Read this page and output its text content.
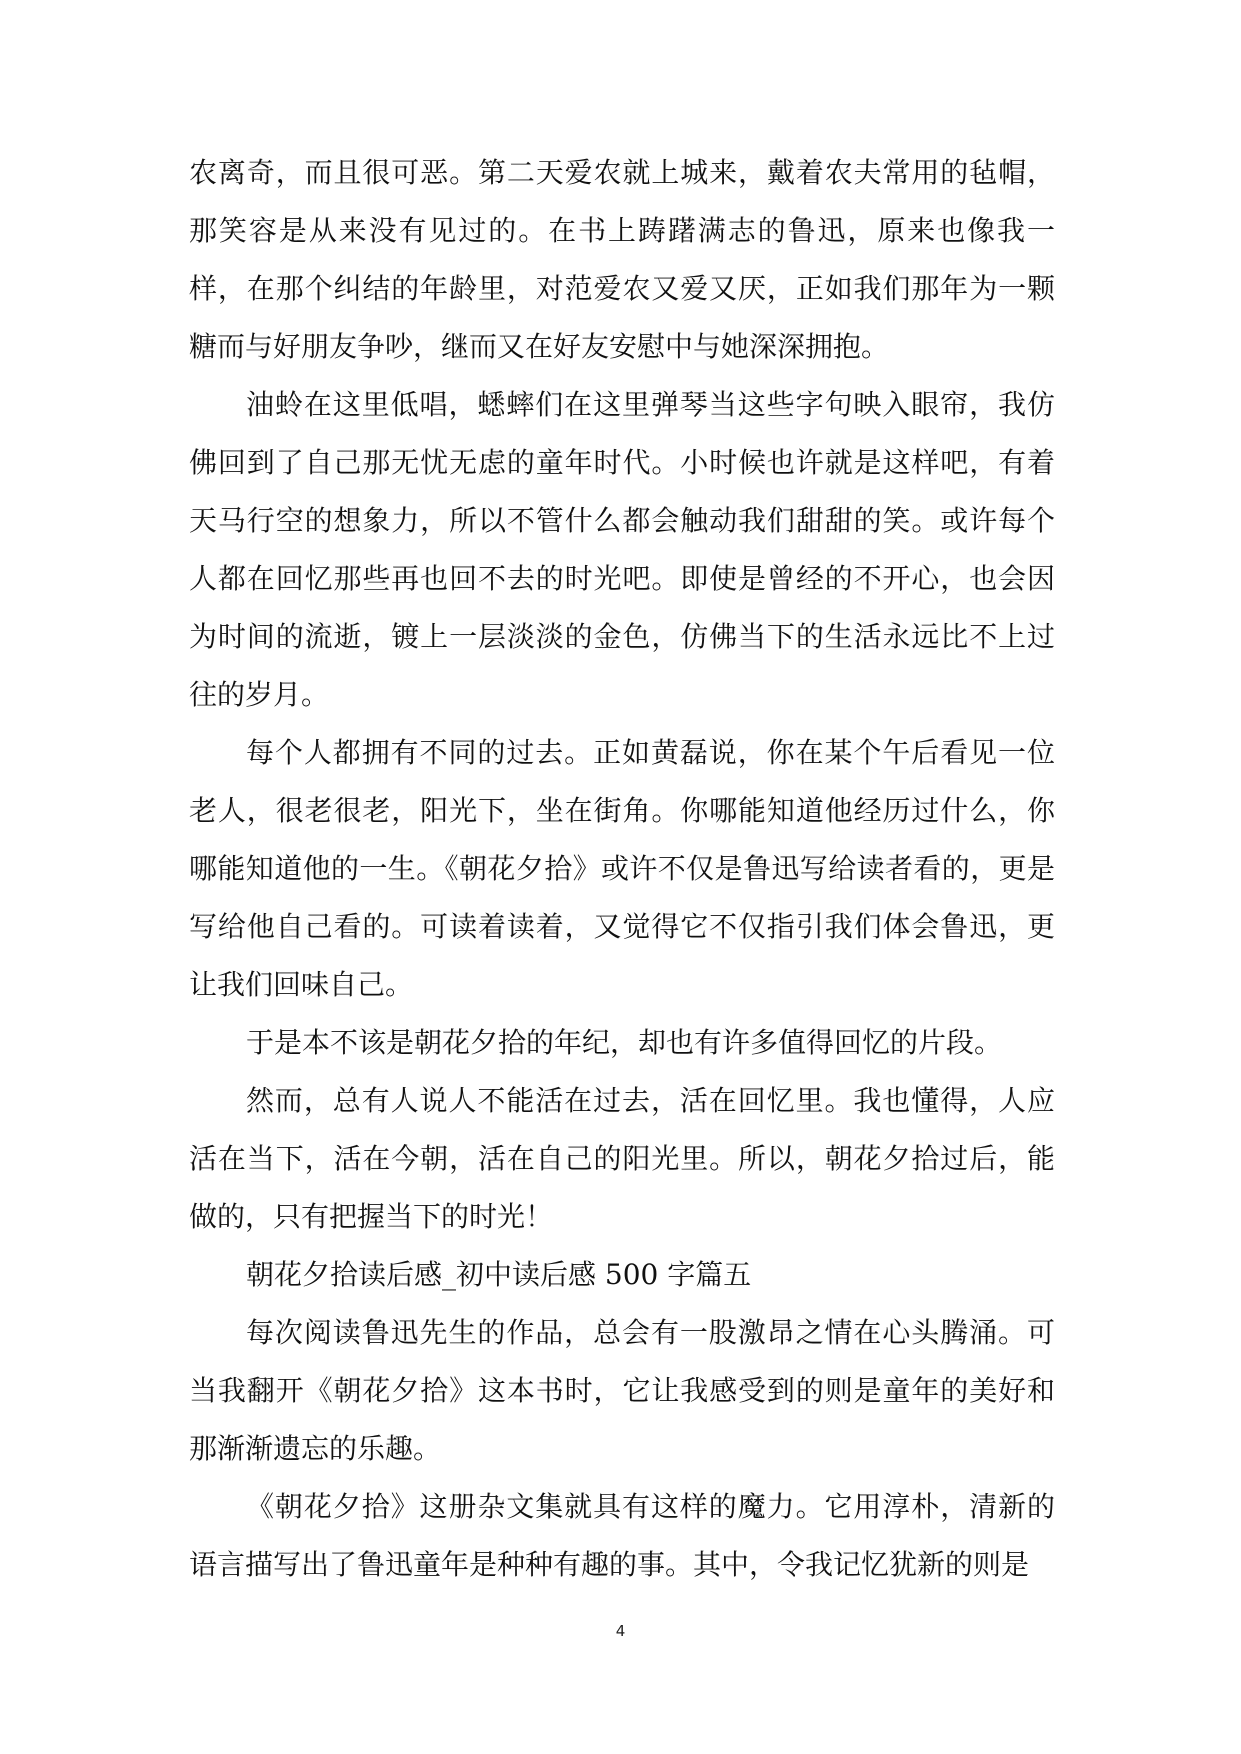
农离奇，而且很可恶。第二天爱农就上城来，戴着农夫常用的毡帽，那笑容是从来没有见过的。在书上踌躇满志的鲁迅，原来也像我一样，在那个纠结的年龄里，对范爱农又爱又厌，正如我们那年为一颗糖而与好朋友争吵，继而又在好友安慰中与她深深拥抱。

油蛉在这里低唱，蟋蟀们在这里弹琴当这些字句映入眼帘，我仿佛回到了自己那无忧无虑的童年时代。小时候也许就是这样吧，有着天马行空的想象力，所以不管什么都会触动我们甜甜的笑。或许每个人都在回忆那些再也回不去的时光吧。即使是曾经的不开心，也会因为时间的流逝，镀上一层淡淡的金色，仿佛当下的生活永远比不上过往的岁月。

每个人都拥有不同的过去。正如黄磊说，你在某个午后看见一位老人，很老很老，阳光下，坐在街角。你哪能知道他经历过什么，你哪能知道他的一生。《朝花夕拾》或许不仅是鲁迅写给读者看的，更是写给他自己看的。可读着读着，又觉得它不仅指引我们体会鲁迅，更让我们回味自己。

于是本不该是朝花夕拾的年纪，却也有许多值得回忆的片段。

然而，总有人说人不能活在过去，活在回忆里。我也懂得，人应活在当下，活在今朝，活在自己的阳光里。所以，朝花夕拾过后，能做的，只有把握当下的时光！

朝花夕拾读后感_初中读后感 500 字篇五

每次阅读鲁迅先生的作品，总会有一股激昂之情在心头腾涌。可当我翻开《朝花夕拾》这本书时，它让我感受到的则是童年的美好和那渐渐遗忘的乐趣。

《朝花夕拾》这册杂文集就具有这样的魔力。它用淳朴，清新的语言描写出了鲁迅童年是种种有趣的事。其中，令我记忆犹新的则是

4
